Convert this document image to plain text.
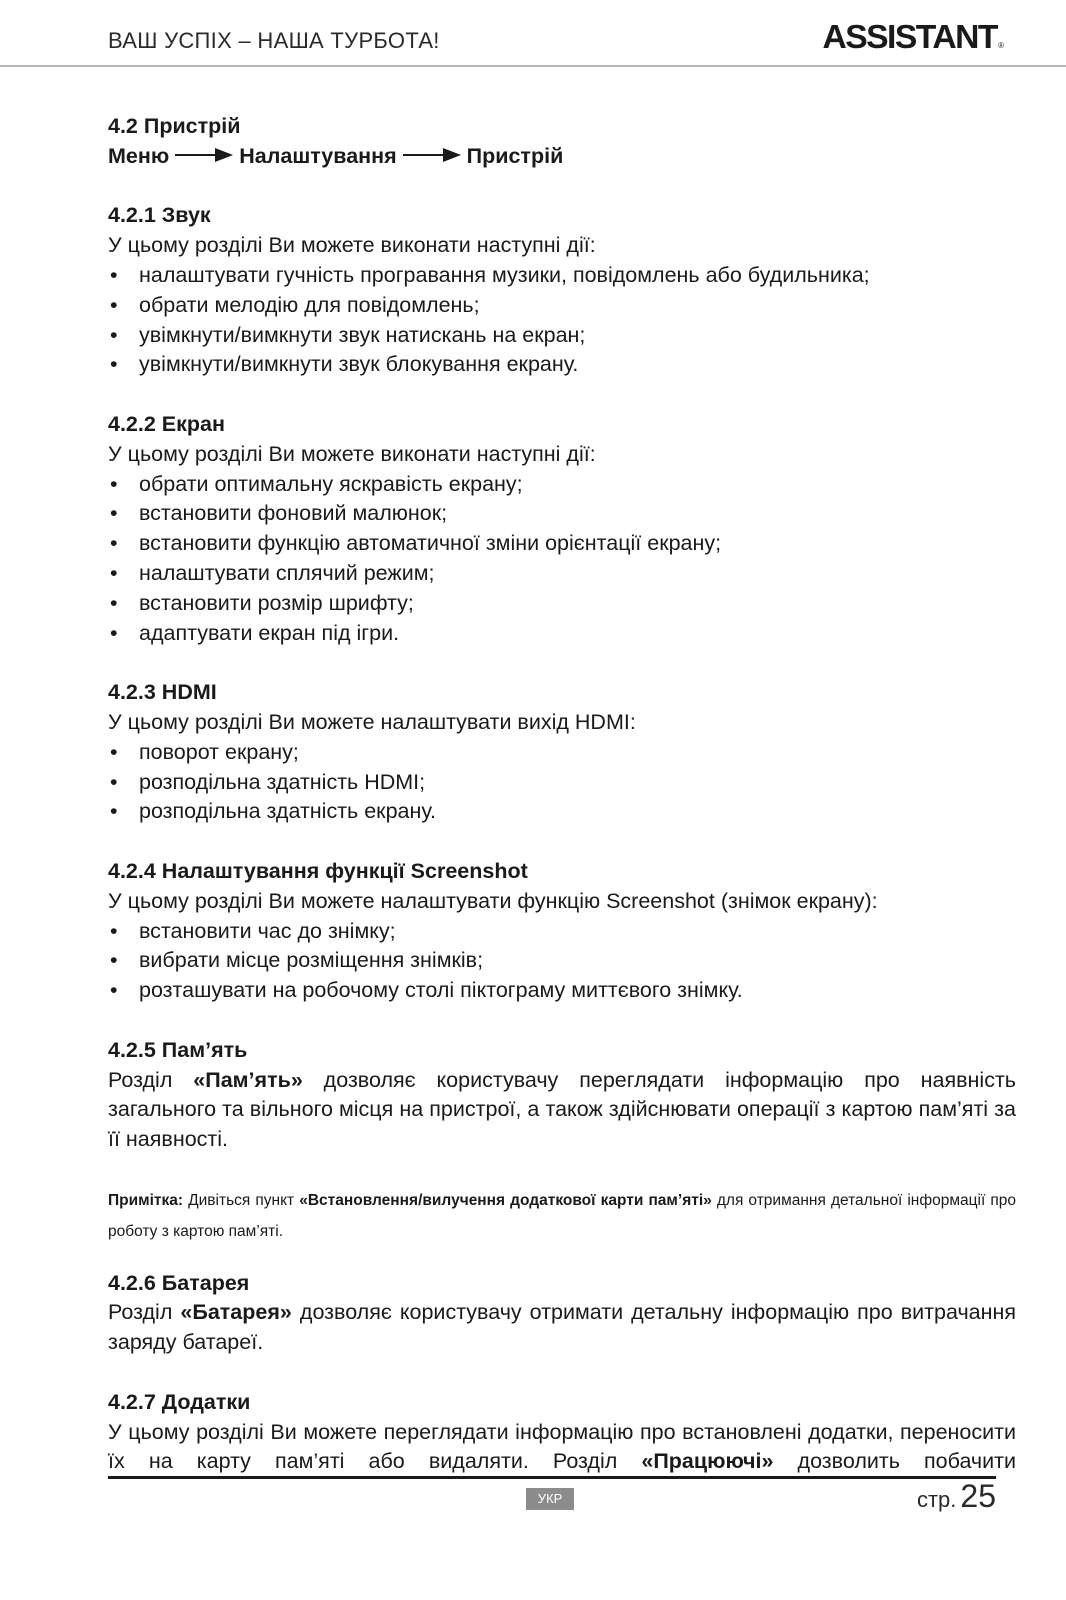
ВАШ УСПІХ – НАША ТУРБОТА!	ASSISTANT®

4.2 Пристрій

Меню	Налаштування	Пристрій

4.2.1 Звук

У цьому розділі Ви можете виконати наступні дії:

• налаштувати гучність програвання музики, повідомлень або будильника;
• обрати мелодію для повідомлень;
• увімкнути/вимкнути звук натискань на екран;
• увімкнути/вимкнути звук блокування екрану.

4.2.2 Екран

У цьому розділі Ви можете виконати наступні дії:

• обрати оптимальну яскравість екрану;
• встановити фоновий малюнок;
• встановити функцію автоматичної зміни орієнтації екрану;
• налаштувати сплячий режим;
• встановити розмір шрифту;
• адаптувати екран під ігри.

4.2.3 HDMI

У цьому розділі Ви можете налаштувати вихід HDMI:

• поворот екрану;
• розподільна здатність HDMI;
• розподільна здатність екрану.

4.2.4 Налаштування функції Screenshot

У цьому розділі Ви можете налаштувати функцію Screenshot (знімок екрану):

• встановити час до знімку;
• вибрати місце розміщення знімків;
• розташувати на робочому столі піктограму миттєвого знімку.

4.2.5 Пам’ять

Розділ «Пам’ять» дозволяє користувачу переглядати інформацію про наявність загального та вільного місця на пристрої, а також здійснювати операції з картою пам’яті за її наявності.

Примітка: Дивіться пункт «Встановлення/вилучення додаткової карти пам’яті» для отримання детальної інформації про роботу з картою пам’яті.

4.2.6 Батарея

Розділ «Батарея» дозволяє користувачу отримати детальну інформацію про витрачання заряду батареї.

4.2.7 Додатки

У цьому розділі Ви можете переглядати інформацію про встановлені додатки, переносити їх на карту пам’яті або видаляти. Розділ «Працюючі» дозволить побачити

УКР	стр. 25
